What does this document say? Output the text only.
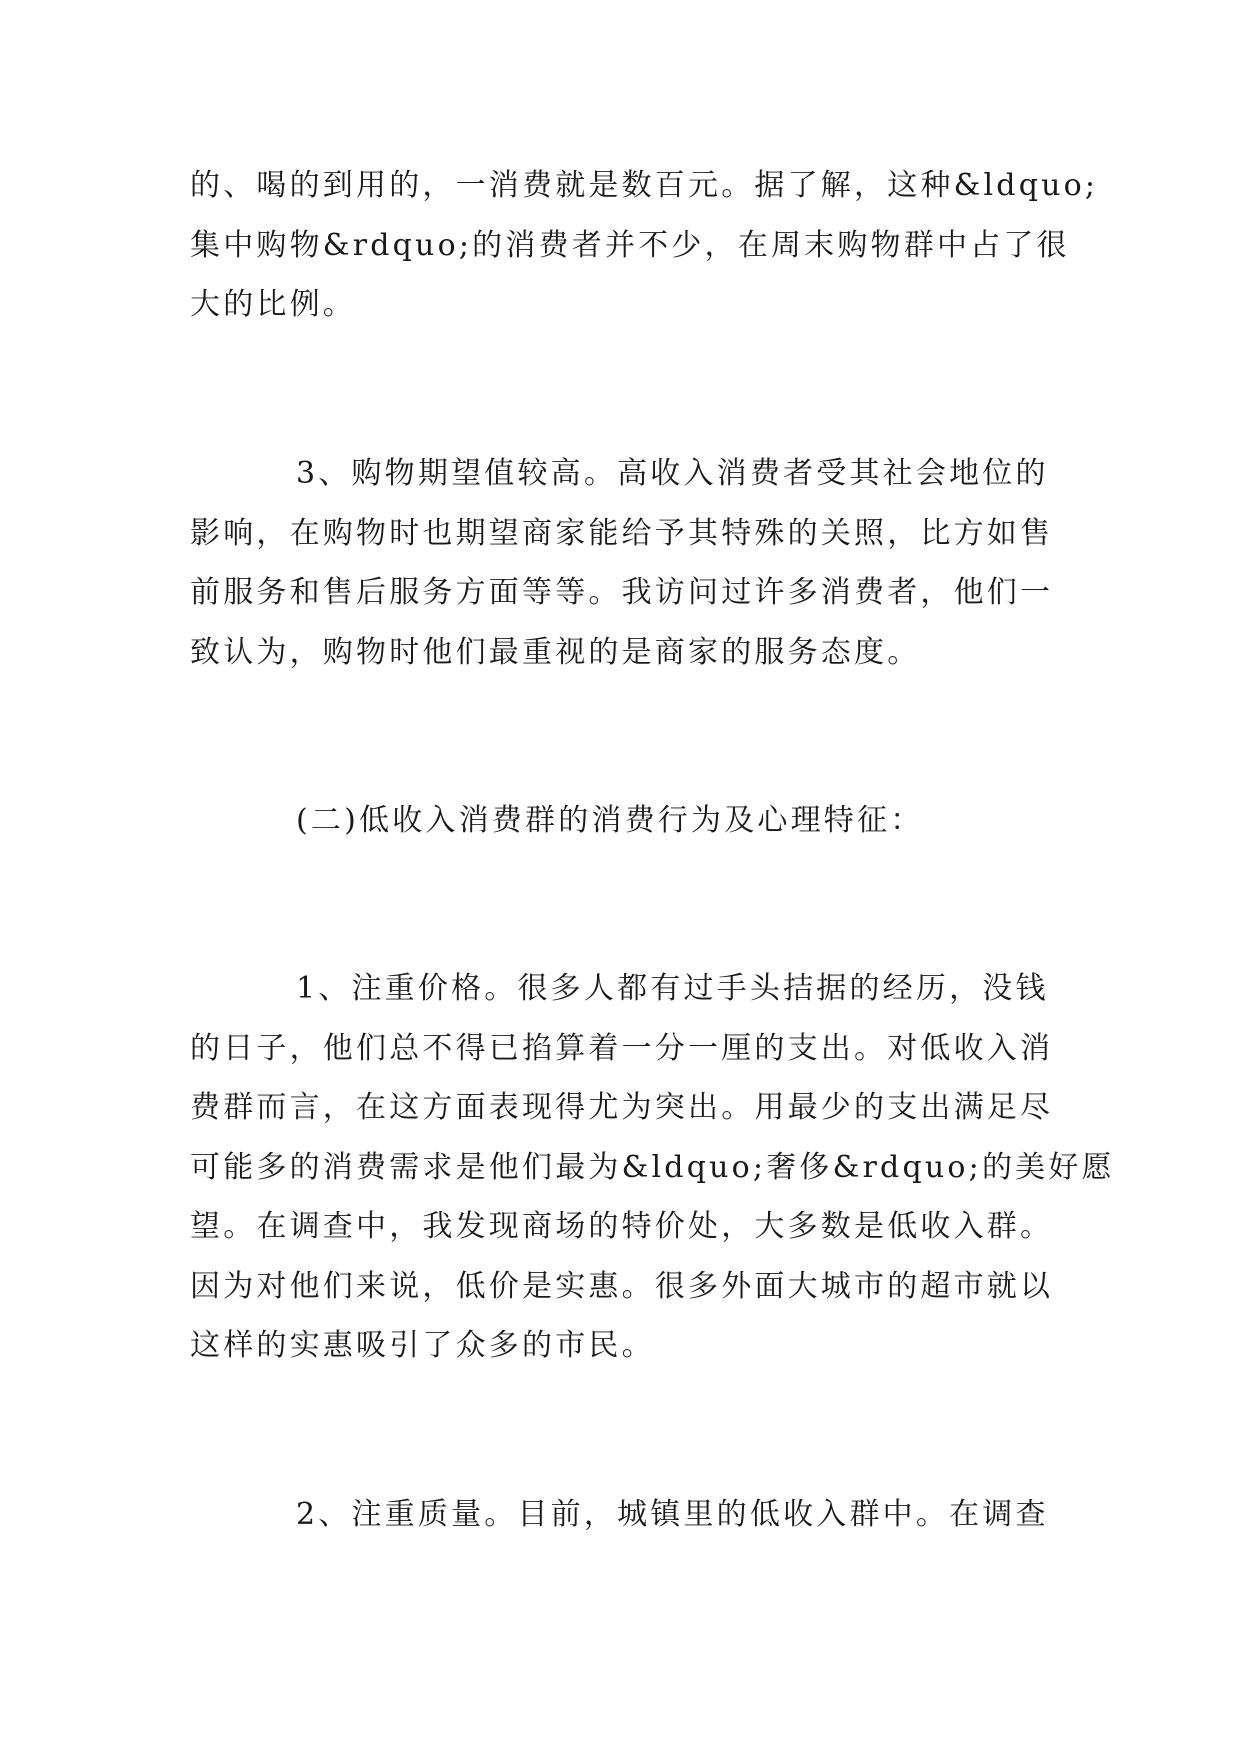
的、喝的到用的，一消费就是数百元。据了解，这种&ldquo;
集中购物&rdquo;的消费者并不少，在周末购物群中占了很
大的比例。
3、购物期望值较高。高收入消费者受其社会地位的
影响，在购物时也期望商家能给予其特殊的关照，比方如售
前服务和售后服务方面等等。我访问过许多消费者，他们一
致认为，购物时他们最重视的是商家的服务态度。
(二)低收入消费群的消费行为及心理特征：
1、注重价格。很多人都有过手头拮据的经历，没钱
的日子，他们总不得已掐算着一分一厘的支出。对低收入消
费群而言，在这方面表现得尤为突出。用最少的支出满足尽
可能多的消费需求是他们最为&ldquo;奢侈&rdquo;的美好愿
望。在调查中，我发现商场的特价处，大多数是低收入群。
因为对他们来说，低价是实惠。很多外面大城市的超市就以
这样的实惠吸引了众多的市民。
2、注重质量。目前，城镇里的低收入群中。在调查
